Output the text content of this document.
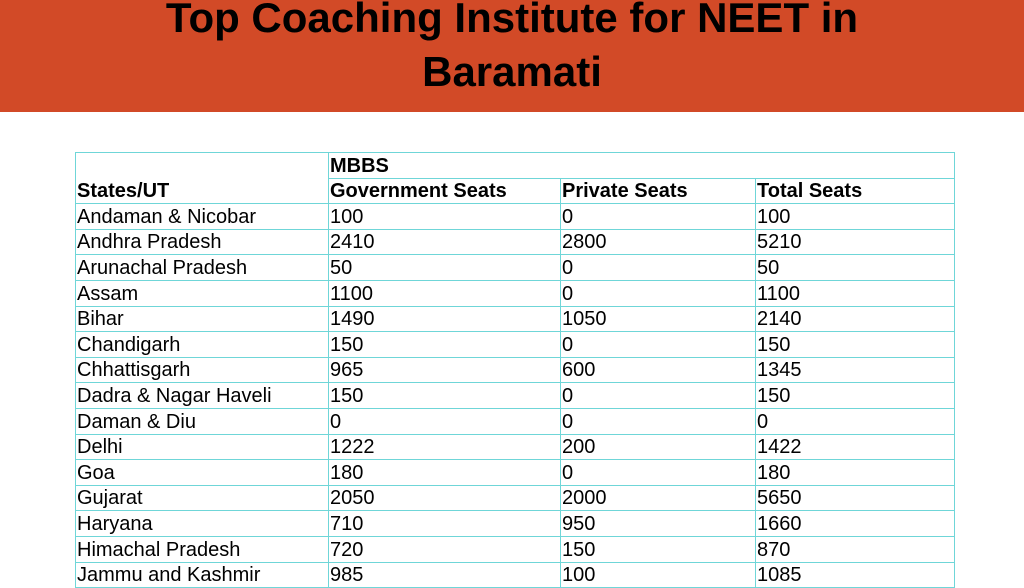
Top Coaching Institute for NEET in
Baramati
States/UT	MBBS		
	Government Seats	Private Seats	Total Seats
Andaman & Nicobar	100	0	100
Andhra Pradesh	2410	2800	5210
Arunachal Pradesh	50	0	50
Assam	1100	0	1100
Bihar	1490	1050	2140
Chandigarh	150	0	150
Chhattisgarh	965	600	1345
Dadra & Nagar Haveli	150	0	150
Daman & Diu	0	0	0
Delhi	1222	200	1422
Goa	180	0	180
Gujarat	2050	2000	5650
Haryana	710	950	1660
Himachal Pradesh	720	150	870
Jammu and Kashmir	985	100	1085
